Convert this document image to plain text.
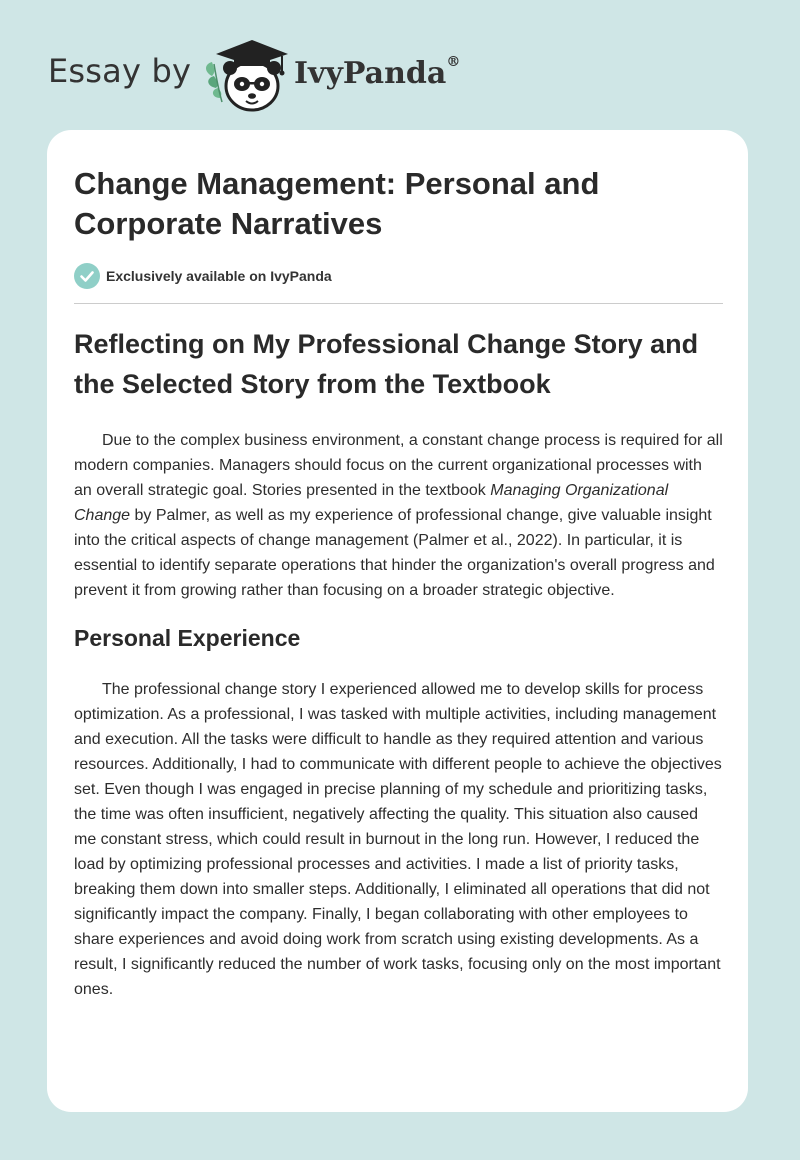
Essay by	IvyPanda®
Change Management: Personal and Corporate Narratives
Exclusively available on IvyPanda
Reflecting on My Professional Change Story and the Selected Story from the Textbook

Due to the complex business environment, a constant change process is required for all modern companies. Managers should focus on the current organizational processes with an overall strategic goal. Stories presented in the textbook Managing Organizational Change by Palmer, as well as my experience of professional change, give valuable insight into the critical aspects of change management (Palmer et al., 2022). In particular, it is essential to identify separate operations that hinder the organization's overall progress and prevent it from growing rather than focusing on a broader strategic objective.

Personal Experience

The professional change story I experienced allowed me to develop skills for process optimization. As a professional, I was tasked with multiple activities, including management and execution. All the tasks were difficult to handle as they required attention and various resources. Additionally, I had to communicate with different people to achieve the objectives set. Even though I was engaged in precise planning of my schedule and prioritizing tasks, the time was often insufficient, negatively affecting the quality. This situation also caused me constant stress, which could result in burnout in the long run. However, I reduced the load by optimizing professional processes and activities. I made a list of priority tasks, breaking them down into smaller steps. Additionally, I eliminated all operations that did not significantly impact the company. Finally, I began collaborating with other employees to share experiences and avoid doing work from scratch using existing developments. As a result, I significantly reduced the number of work tasks, focusing only on the most important ones.
